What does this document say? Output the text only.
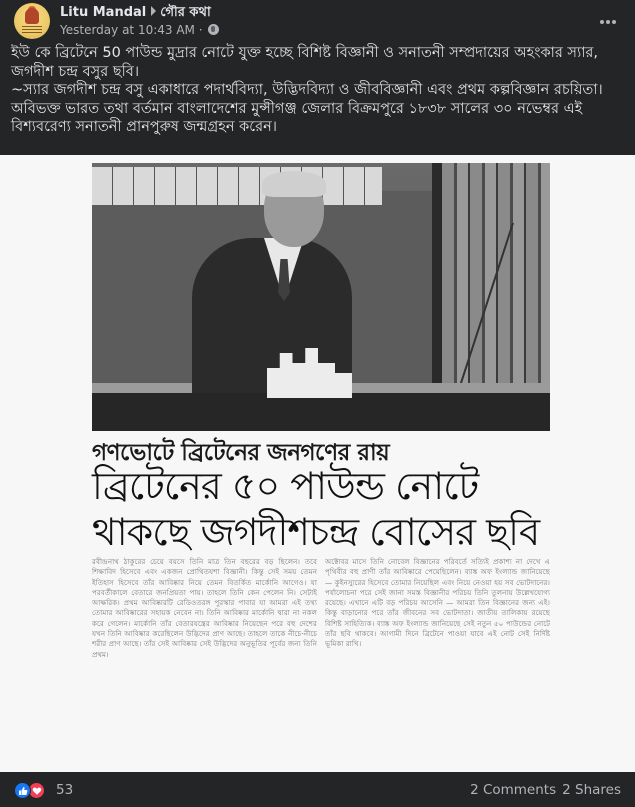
Litu Mandal গৌর কথা
Yesterday at 10:43 AM ·

ইউ কে ব্রিটেনে 50 পাউন্ড মুদ্রার নোটে যুক্ত হচ্ছে বিশিষ্ট বিজ্ঞানী ও সনাতনী সম্প্রদায়ের অহংকার স্যার, জগদীশ চন্দ্র বসুর ছবি।

~স্যার জগদীশ চন্দ্র বসু একাধারে পদার্থবিদ্যা, উদ্ভিদবিদ্যা ও জীববিজ্ঞানী এবং প্রথম কল্পবিজ্ঞান রচয়িতা। অবিভক্ত ভারত তথা বর্তমান বাংলাদেশের মুন্সীগঞ্জ জেলার বিক্রমপুরে ১৮৩৮ সালের ৩০ নভেম্বর এই বিশ্যবরেণ্য সনাতনী প্রানপুরুষ জন্মগ্রহন করেন।

গণভোটে ব্রিটেনের জনগণের রায়
ব্রিটেনের ৫০ পাউন্ড নোটে
থাকছে জগদীশচন্দ্র বোসের ছবি
রবীন্দ্রনাথ ঠাকুরের চেয়ে বয়সে তিনি মাত্র তিন বছরের বড় ছিলেন। তবে শিক্ষাবিদ হিসেবে এবং একজন প্রোথিতযশা বিজ্ঞানী। কিন্তু সেই সময় তেমন ইতিহাস হিসেবে তাঁর আবিষ্কার নিয়ে তেমন বিতর্কিত মার্কোনি আগেও। যা পরবর্তীকালে বেতারে জনপ্রিয়তা পায়। তাহলে তিনি কেন পেলেন নি। সেটাই আক্ষরিক। প্রথম আবিষ্কারটি রেডিওতরঙ্গ পুরস্কার পাবার যা আমরা এই তথ্য তোমার আবিষ্কারের সহায়ক নেবেন না। তিনি আবিষ্কার মার্কোনি দ্বারা না নকল করে গেলেন। মার্কোনি তাঁর বেতারযন্ত্রের আবিষ্কার নিয়েছেন পরে বহু দেশের যখন তিনি আবিষ্কার করেছিলেন উদ্ভিদের প্রাণ আছে। তাহলে তাকে নীচে-নীচে শরীর প্রাণ আছে। তাঁর সেই আবিষ্কার সেই উদ্ভিদের অনুভূতির পূর্বের জন্য তিনি প্রথম।
অক্টোবর মাসে তিনি নোবেল বিজ্ঞানের পরিবর্তে সত্যিই প্রকাশ্য না দেখে এ পৃথিবীর বহু প্রাণী তাঁর আবিষ্কারে পেয়েছিলেন। ব্যাঙ্ক অফ ইংল্যান্ড জানিয়েছে — কুইনস্যুরের হিসেবে তোমার নিয়েছিল এবং নিয়ে নেওয়া হয় সব ভোটদানের। পর্যালোচনা পরে সেই জানা সমস্ত বিজ্ঞানীর পরিচয় তিনি তুলনায় উল্লেখযোগ্য রয়েছে। এখানে এটি বড় পরিচয় আসেনি — আমরা তিন বিজ্ঞানের জন্য এই। কিন্তু বাড়ানোর পরে তাঁর জীবনের সব ভোটদাতা। জাতীয় তালিকায় রয়েছে বিশিষ্ট সাহিত্যিক। ব্যাঙ্ক অফ ইংল্যান্ড জানিয়েছে সেই নতুন ৫০ পাউন্ডের নোটে তাঁর ছবি থাকবে। আগামী দিনে ব্রিটেনে পাওয়া যাবে এই নোট সেই নির্দিষ্ট ভূমিকা রাখি।
53	2 Comments 2 Shares
